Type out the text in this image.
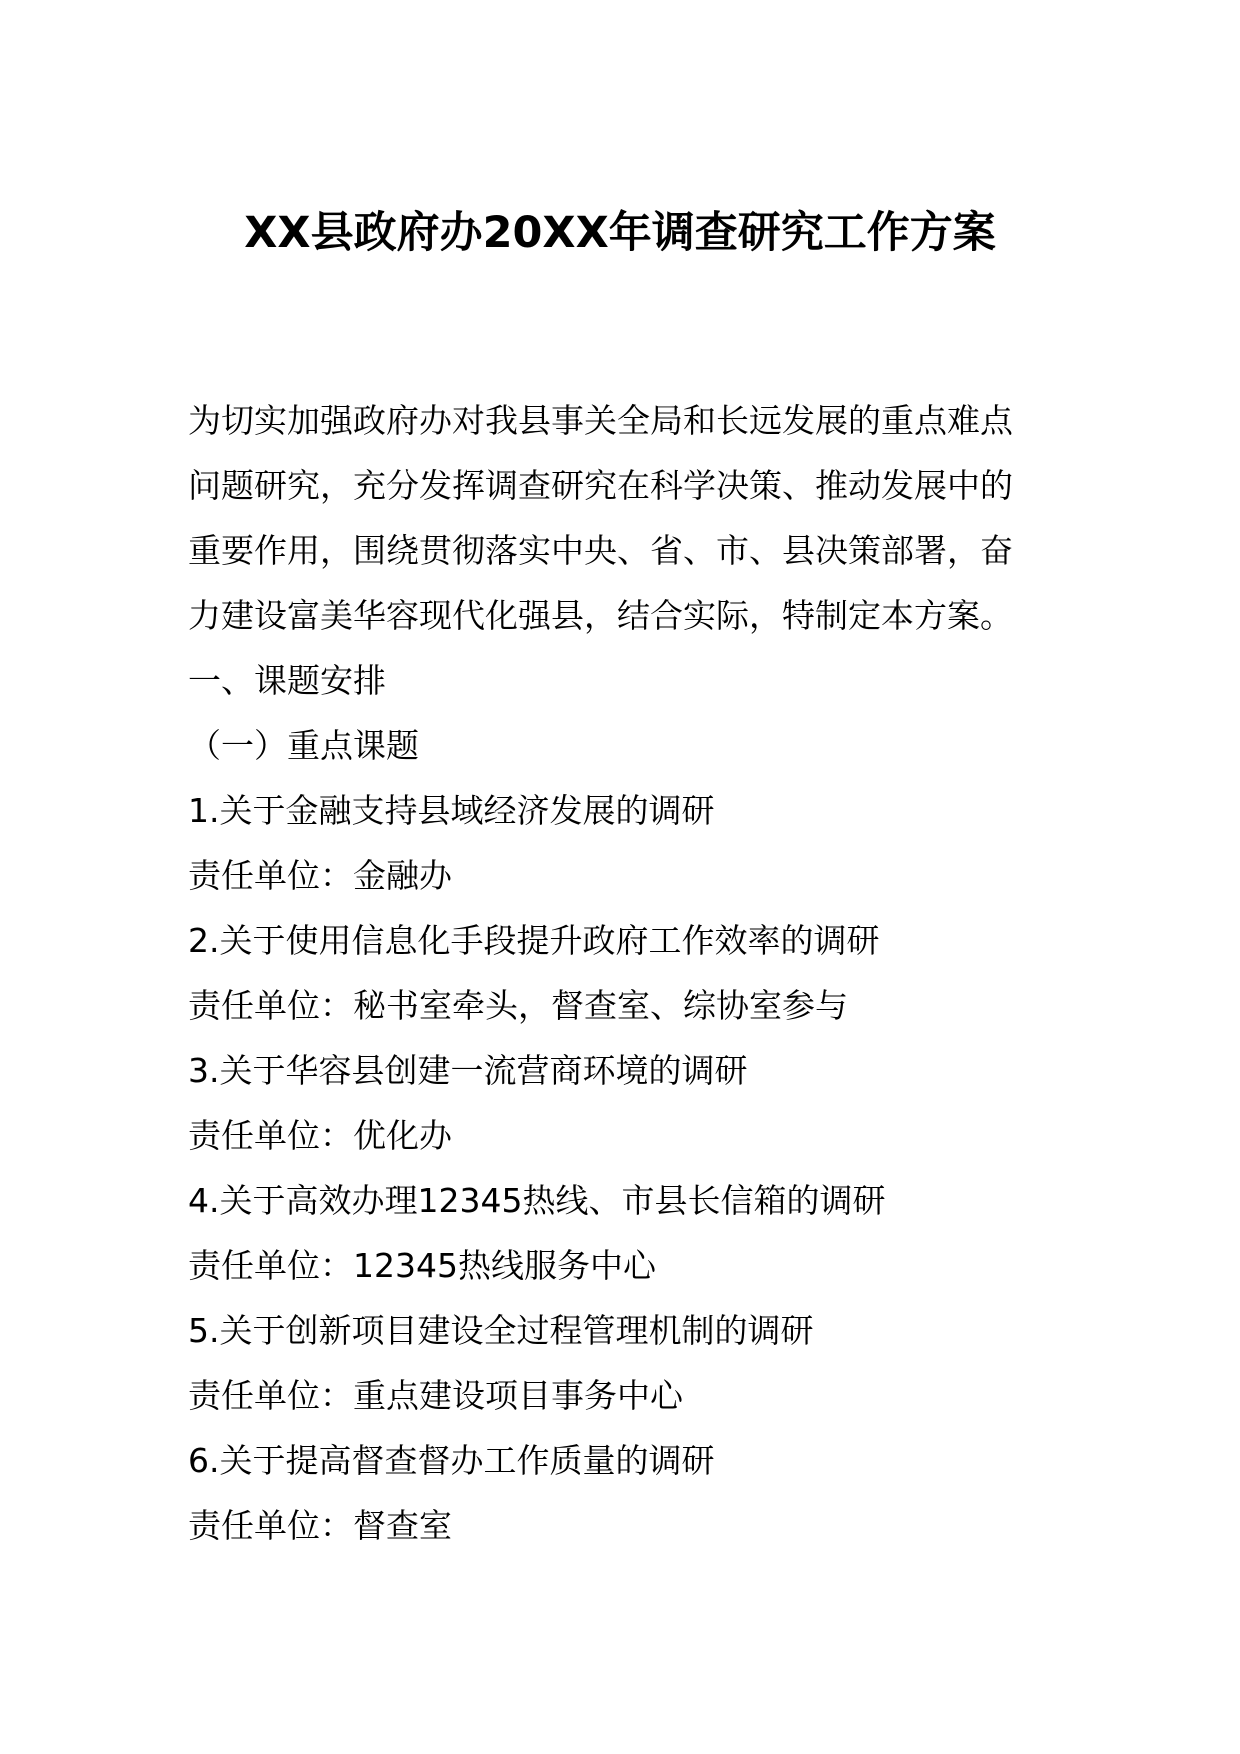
XX县政府办20XX年调查研究工作方案

为切实加强政府办对我县事关全局和长远发展的重点难点
问题研究，充分发挥调查研究在科学决策、推动发展中的
重要作用，围绕贯彻落实中央、省、市、县决策部署，奋
力建设富美华容现代化强县，结合实际，特制定本方案。

一、课题安排
（一）重点课题
1.关于金融支持县域经济发展的调研
责任单位：金融办
2.关于使用信息化手段提升政府工作效率的调研
责任单位：秘书室牵头，督查室、综协室参与
3.关于华容县创建一流营商环境的调研
责任单位：优化办
4.关于高效办理12345热线、市县长信箱的调研
责任单位：12345热线服务中心
5.关于创新项目建设全过程管理机制的调研
责任单位：重点建设项目事务中心
6.关于提高督查督办工作质量的调研
责任单位：督查室
